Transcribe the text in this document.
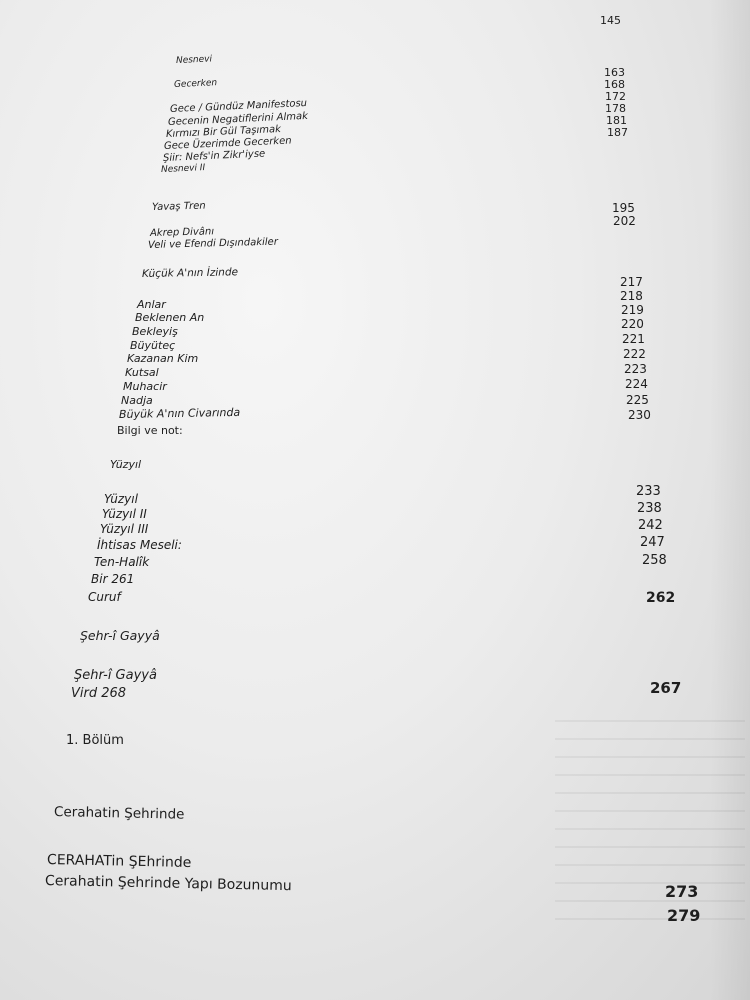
145
Nesnevi
Gecerken
Gece / Gündüz Manifestosu
Gecenin Negatiflerini Almak
Kırmızı Bir Gül Taşımak
Gece Üzerimde Gecerken
Şiir: Nefs'in Zikr'iyse
Nesnevi II
163
168
172
178
181
187
Yavaş Tren
Akrep Divânı
Veli ve Efendi Dışındakiler
195
202
Küçük A'nın İzinde
Anlar
Beklenen An
Bekleyiş
Büyüteç
Kazanan Kim
Kutsal
Muhacir
Nadja
Büyük A'nın Civarında
Bilgi ve not:
217
218
219
220
221
222
223
224
225
230
Yüzyıl
Yüzyıl
Yüzyıl II
Yüzyıl III
İhtisas Meseli:
Ten-Halîk
Bir 261
Curuf
233
238
242
247
258
262
Şehr-î Gayyâ
Şehr-î Gayyâ
Vird 268	267
1. Bölüm
Cerahatin Şehrinde
CERAHATin ŞEhrinde
Cerahatin Şehrinde Yapı Bozunumu	273
279
